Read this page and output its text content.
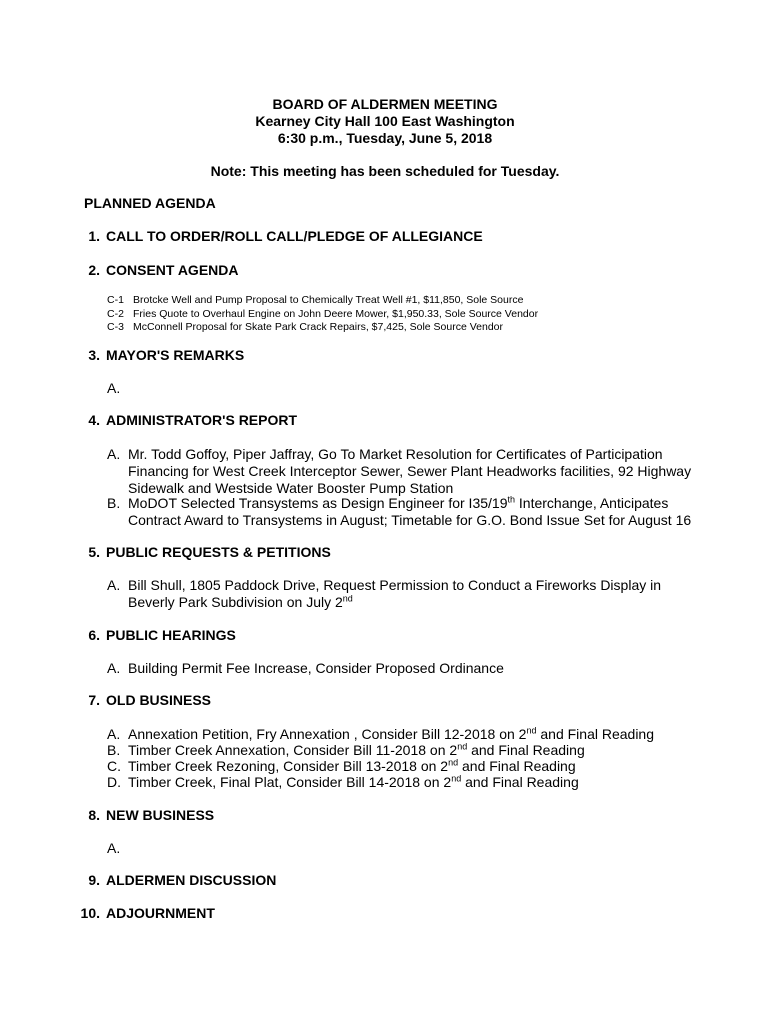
BOARD OF ALDERMEN MEETING
Kearney City Hall 100 East Washington
6:30 p.m., Tuesday, June 5, 2018
Note: This meeting has been scheduled for Tuesday.
PLANNED AGENDA
1. CALL TO ORDER/ROLL CALL/PLEDGE OF ALLEGIANCE
2. CONSENT AGENDA
C-1 Brotcke Well and Pump Proposal to Chemically Treat Well #1, $11,850, Sole Source
C-2 Fries Quote to Overhaul Engine on John Deere Mower, $1,950.33, Sole Source Vendor
C-3 McConnell Proposal for Skate Park Crack Repairs, $7,425, Sole Source Vendor
3. MAYOR'S REMARKS
A.
4. ADMINISTRATOR'S REPORT
A. Mr. Todd Goffoy, Piper Jaffray, Go To Market Resolution for Certificates of Participation
Financing for West Creek Interceptor Sewer, Sewer Plant Headworks facilities, 92 Highway
Sidewalk and Westside Water Booster Pump Station
B. MoDOT Selected Transystems as Design Engineer for I35/19th Interchange, Anticipates
Contract Award to Transystems in August; Timetable for G.O. Bond Issue Set for August 16
5. PUBLIC REQUESTS & PETITIONS
A. Bill Shull, 1805 Paddock Drive, Request Permission to Conduct a Fireworks Display in
Beverly Park Subdivision on July 2nd
6. PUBLIC HEARINGS
A. Building Permit Fee Increase, Consider Proposed Ordinance
7. OLD BUSINESS
A. Annexation Petition, Fry Annexation , Consider Bill 12-2018 on 2nd and Final Reading
B. Timber Creek Annexation, Consider Bill 11-2018 on 2nd and Final Reading
C. Timber Creek Rezoning, Consider Bill 13-2018 on 2nd and Final Reading
D. Timber Creek, Final Plat, Consider Bill 14-2018 on 2nd and Final Reading
8. NEW BUSINESS
A.
9. ALDERMEN DISCUSSION
10. ADJOURNMENT
